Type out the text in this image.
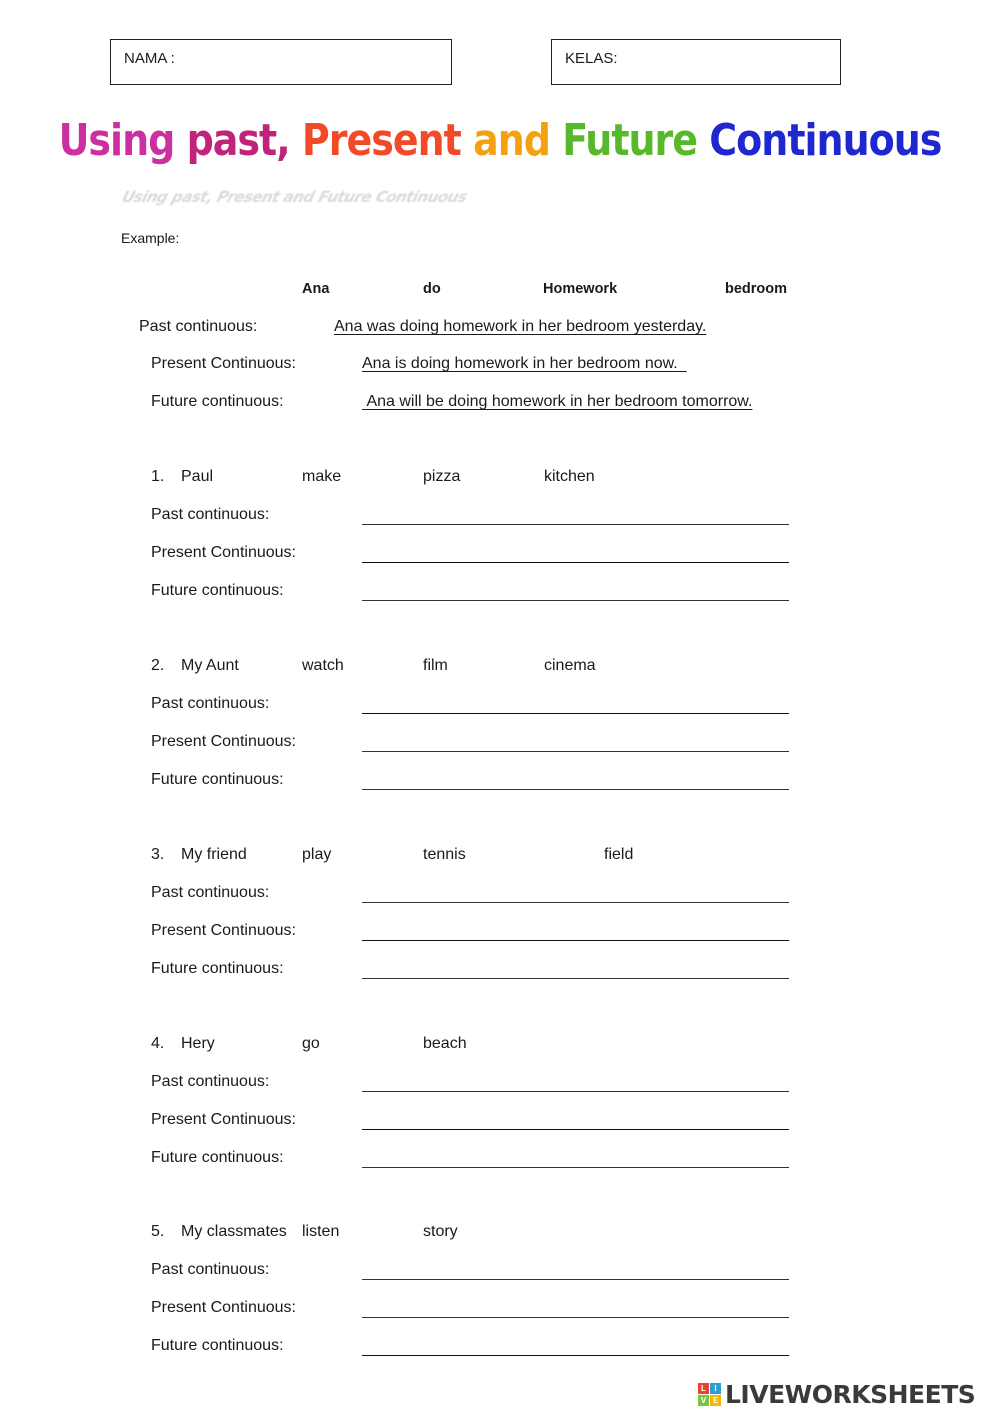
NAMA :	KELAS:
Using past, Present and Future Continuous
Using past, Present and Future Continuous
Example:
Ana	do	Homework	bedroom
Past continuous:	Ana was doing homework in her bedroom yesterday.
Present Continuous:	Ana is doing homework in her bedroom now.
Future continuous:	Ana will be doing homework in her bedroom tomorrow.
1. Paul	make	pizza	kitchen
Past continuous:
Present Continuous:
Future continuous:
2. My Aunt	watch	film	cinema
Past continuous:
Present Continuous:
Future continuous:
3. My friend	play	tennis	field
Past continuous:
Present Continuous:
Future continuous:
4. Hery	go	beach
Past continuous:
Present Continuous:
Future continuous:
5. My classmates listen	story
Past continuous:
Present Continuous:
Future continuous:
L	I
V E LIVEWORKSHEETS
